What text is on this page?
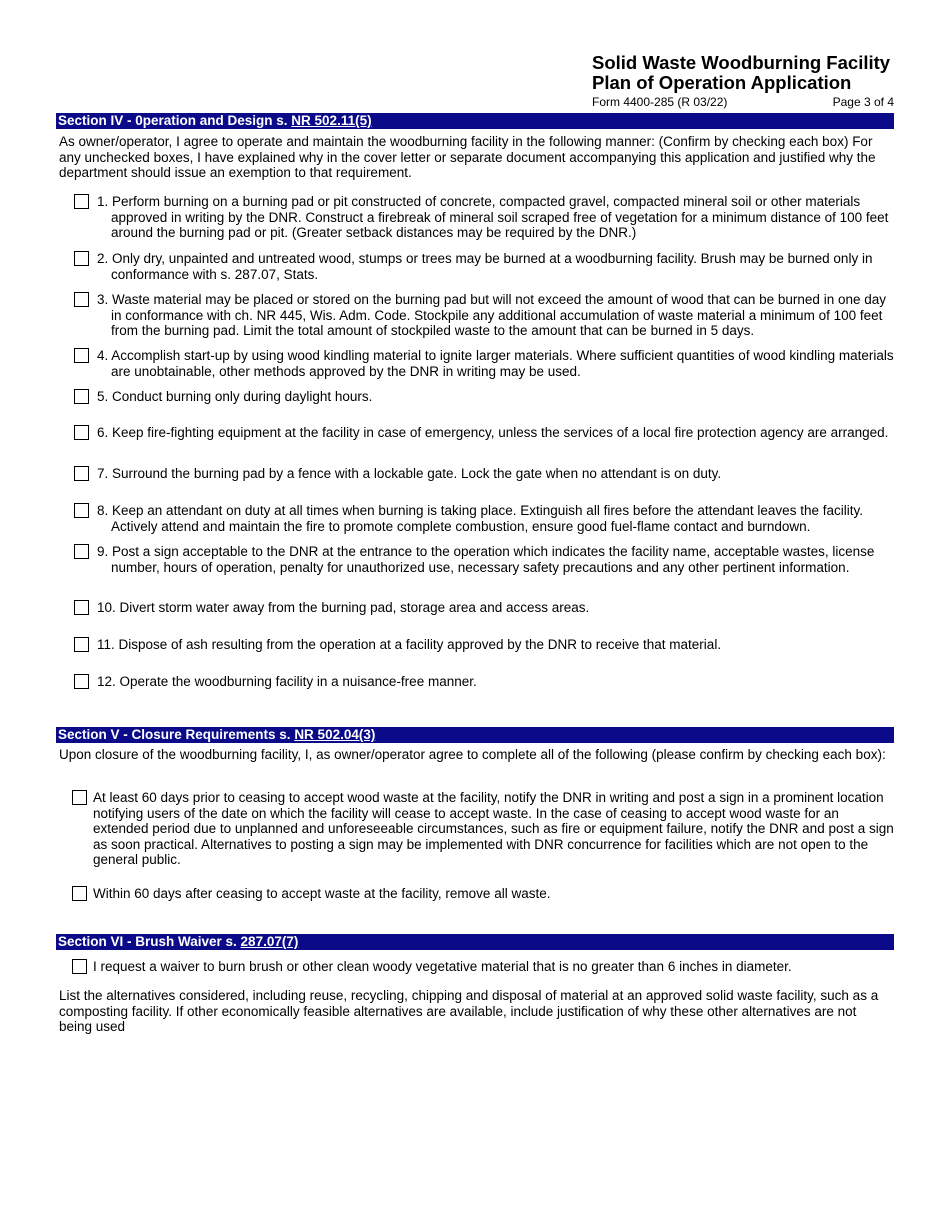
Solid Waste Woodburning Facility
Plan of Operation Application
Form 4400-285 (R 03/22)	Page 3 of 4
Section IV - 0peration and Design s. NR 502.11(5)
As owner/operator, I agree to operate and maintain the woodburning facility in the following manner: (Confirm by checking each box) For any unchecked boxes, I have explained why in the cover letter or separate document accompanying this application and justified why the department should issue an exemption to that requirement.
1. Perform burning on a burning pad or pit constructed of concrete, compacted gravel, compacted mineral soil or other materials approved in writing by the DNR. Construct a firebreak of mineral soil scraped free of vegetation for a minimum distance of 100 feet around the burning pad or pit. (Greater setback distances may be required by the DNR.)
2. Only dry, unpainted and untreated wood, stumps or trees may be burned at a woodburning facility. Brush may be burned only in conformance with s. 287.07, Stats.
3. Waste material may be placed or stored on the burning pad but will not exceed the amount of wood that can be burned in one day in conformance with ch. NR 445, Wis. Adm. Code. Stockpile any additional accumulation of waste material a minimum of 100 feet from the burning pad. Limit the total amount of stockpiled waste to the amount that can be burned in 5 days.
4. Accomplish start-up by using wood kindling material to ignite larger materials. Where sufficient quantities of wood kindling materials are unobtainable, other methods approved by the DNR in writing may be used.
5. Conduct burning only during daylight hours.
6. Keep fire-fighting equipment at the facility in case of emergency, unless the services of a local fire protection agency are arranged.
7. Surround the burning pad by a fence with a lockable gate. Lock the gate when no attendant is on duty.
8. Keep an attendant on duty at all times when burning is taking place. Extinguish all fires before the attendant leaves the facility. Actively attend and maintain the fire to promote complete combustion, ensure good fuel-flame contact and burndown.
9. Post a sign acceptable to the DNR at the entrance to the operation which indicates the facility name, acceptable wastes, license number, hours of operation, penalty for unauthorized use, necessary safety precautions and any other pertinent information.
10. Divert storm water away from the burning pad, storage area and access areas.
11. Dispose of ash resulting from the operation at a facility approved by the DNR to receive that material.
12. Operate the woodburning facility in a nuisance-free manner.
Section V - Closure Requirements s. NR 502.04(3)
Upon closure of the woodburning facility, I, as owner/operator agree to complete all of the following (please confirm by checking each box):
At least 60 days prior to ceasing to accept wood waste at the facility, notify the DNR in writing and post a sign in a prominent location notifying users of the date on which the facility will cease to accept waste. In the case of ceasing to accept wood waste for an extended period due to unplanned and unforeseeable circumstances, such as fire or equipment failure, notify the DNR and post a sign as soon practical. Alternatives to posting a sign may be implemented with DNR concurrence for facilities which are not open to the general public.
Within 60 days after ceasing to accept waste at the facility, remove all waste.
Section VI - Brush Waiver s. 287.07(7)
I request a waiver to burn brush or other clean woody vegetative material that is no greater than 6 inches in diameter.
List the alternatives considered, including reuse, recycling, chipping and disposal of material at an approved solid waste facility, such as a composting facility. If other economically feasible alternatives are available, include justification of why these other alternatives are not being used
